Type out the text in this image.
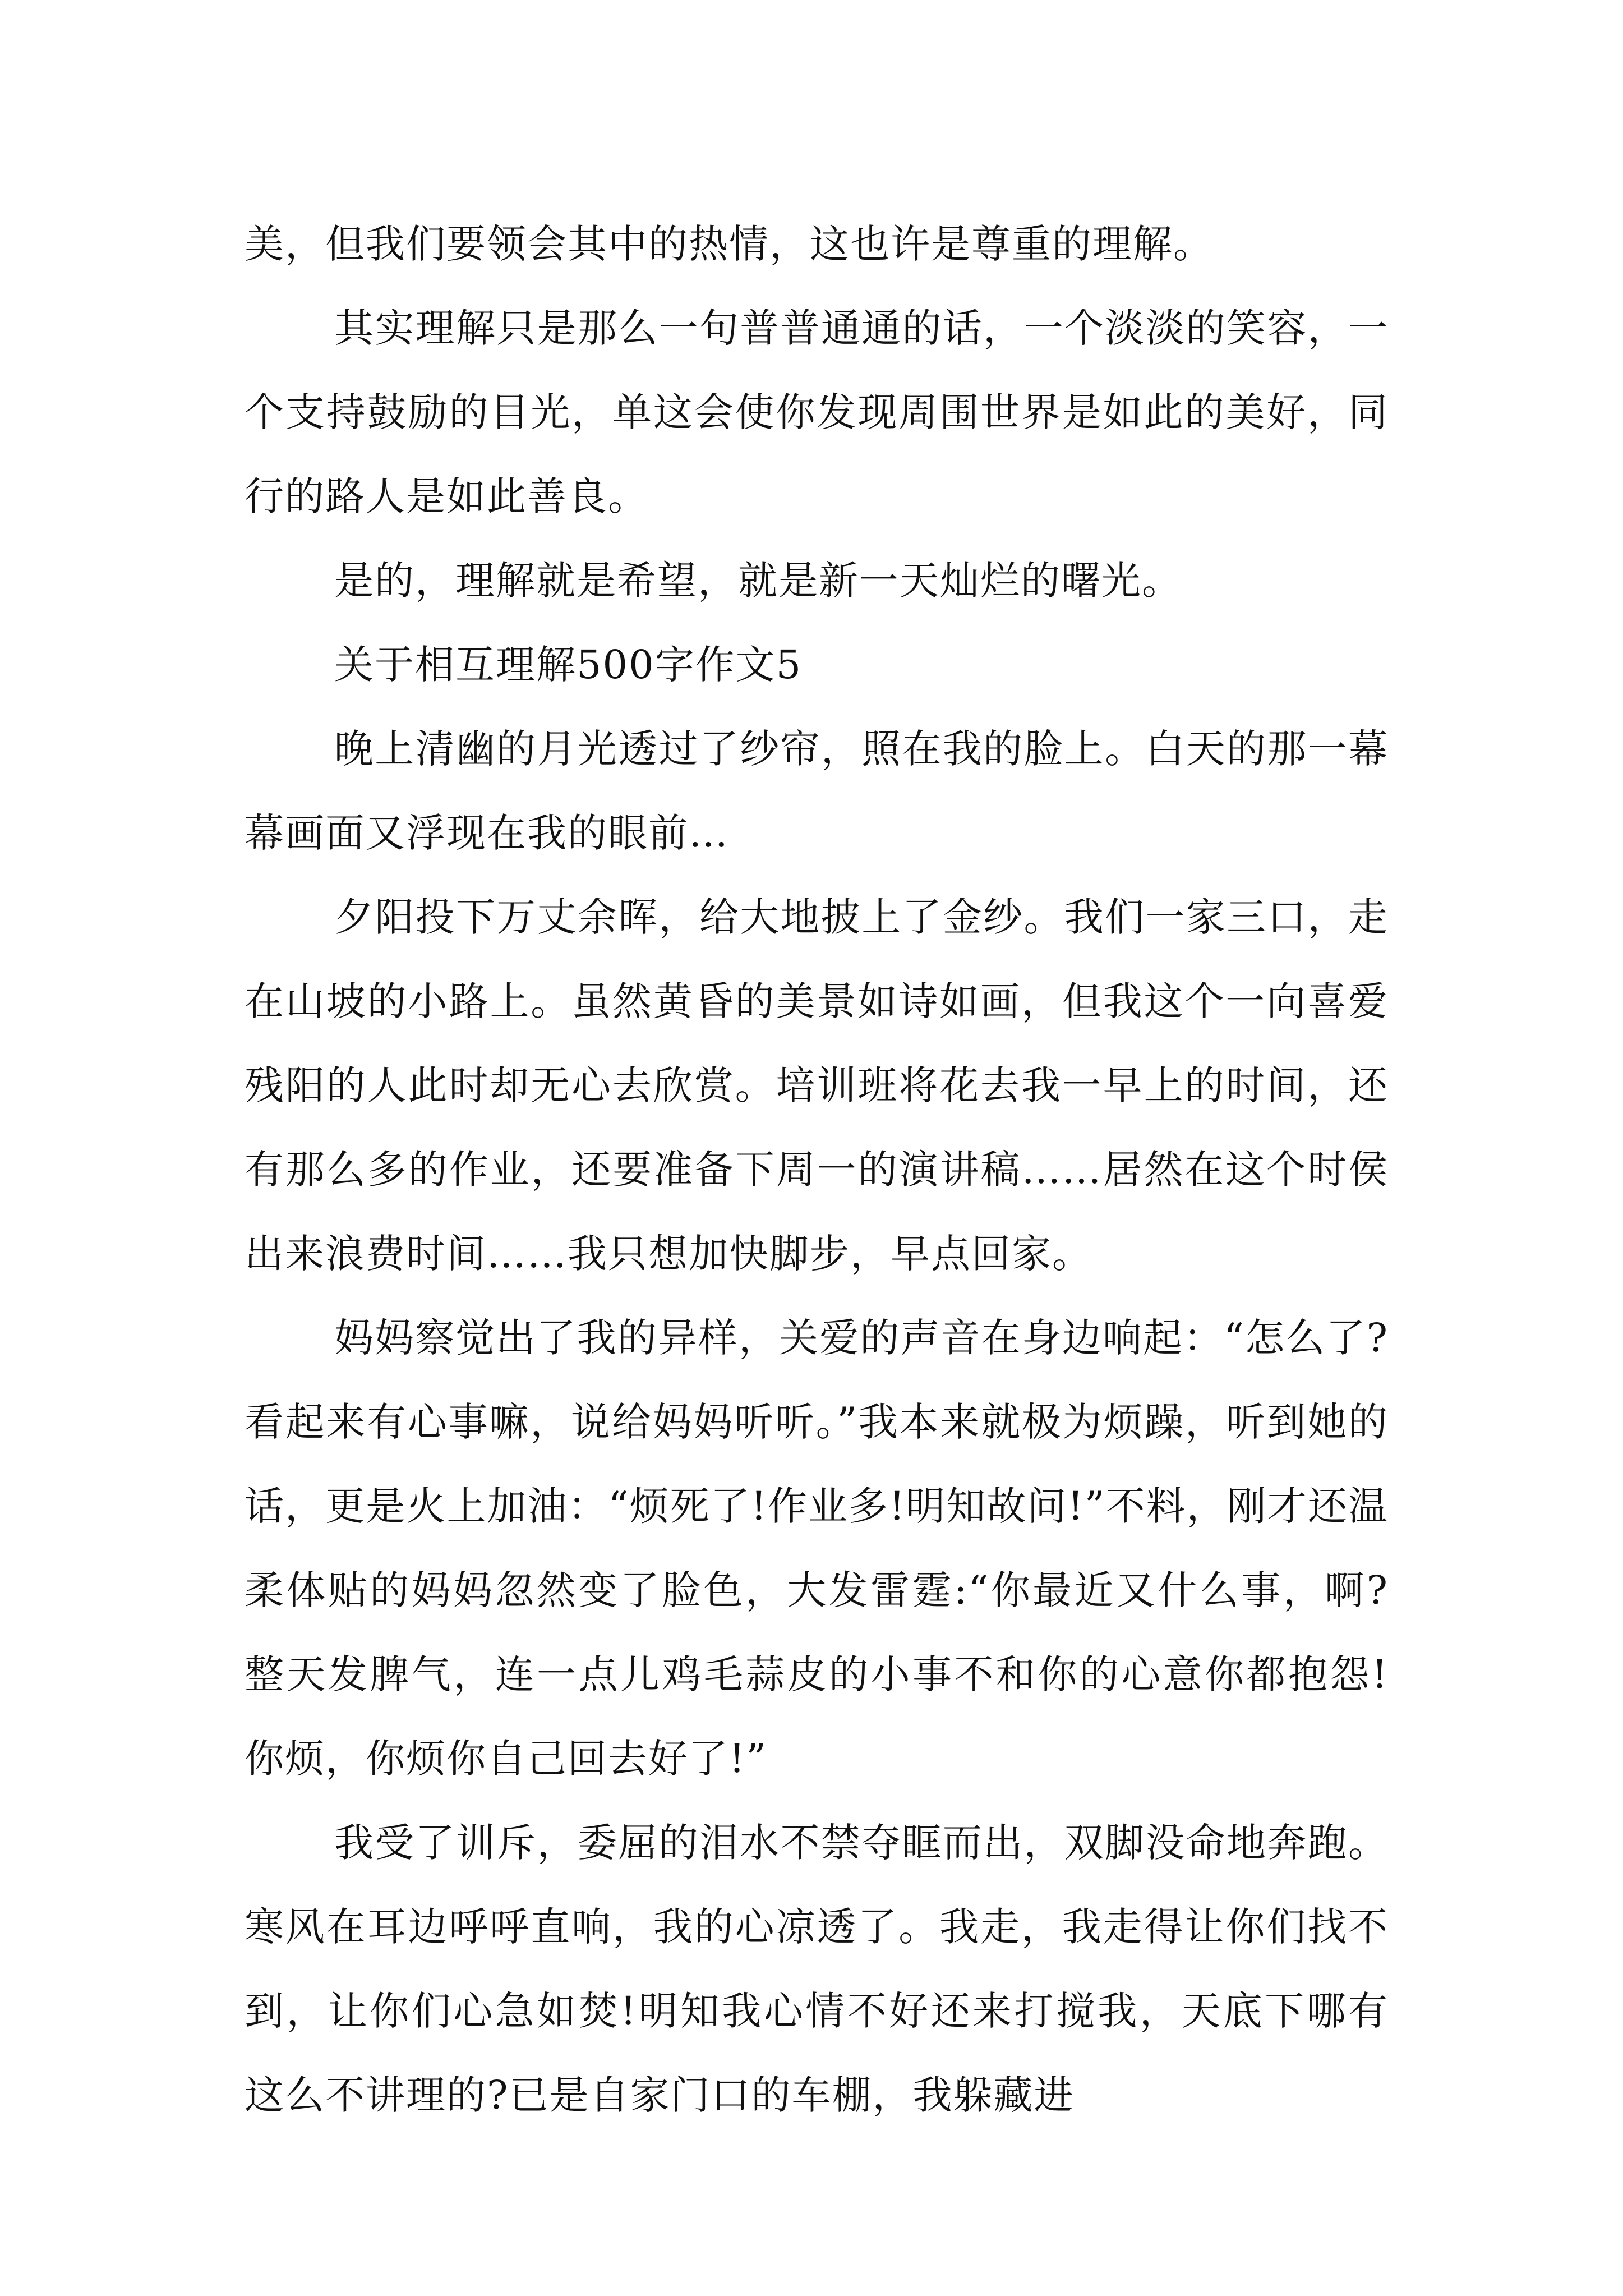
美，但我们要领会其中的热情，这也许是尊重的理解。

其实理解只是那么一句普普通通的话，一个淡淡的笑容，一个支持鼓励的目光，单这会使你发现周围世界是如此的美好，同行的路人是如此善良。

是的，理解就是希望，就是新一天灿烂的曙光。

关于相互理解500字作文5

晚上清幽的月光透过了纱帘，照在我的脸上。白天的那一幕幕画面又浮现在我的眼前…

夕阳投下万丈余晖，给大地披上了金纱。我们一家三口，走在山坡的小路上。虽然黄昏的美景如诗如画，但我这个一向喜爱残阳的人此时却无心去欣赏。培训班将花去我一早上的时间，还有那么多的作业，还要准备下周一的演讲稿……居然在这个时侯出来浪费时间……我只想加快脚步，早点回家。

妈妈察觉出了我的异样，关爱的声音在身边响起：“怎么了?看起来有心事嘛，说给妈妈听听。”我本来就极为烦躁，听到她的话，更是火上加油：“烦死了!作业多!明知故问!”不料，刚才还温柔体贴的妈妈忽然变了脸色，大发雷霆:“你最近又什么事，啊?整天发脾气，连一点儿鸡毛蒜皮的小事不和你的心意你都抱怨!你烦，你烦你自己回去好了!”

我受了训斥，委屈的泪水不禁夺眶而出，双脚没命地奔跑。寒风在耳边呼呼直响，我的心凉透了。我走，我走得让你们找不到，让你们心急如焚!明知我心情不好还来打搅我，天底下哪有这么不讲理的?已是自家门口的车棚，我躲藏进
